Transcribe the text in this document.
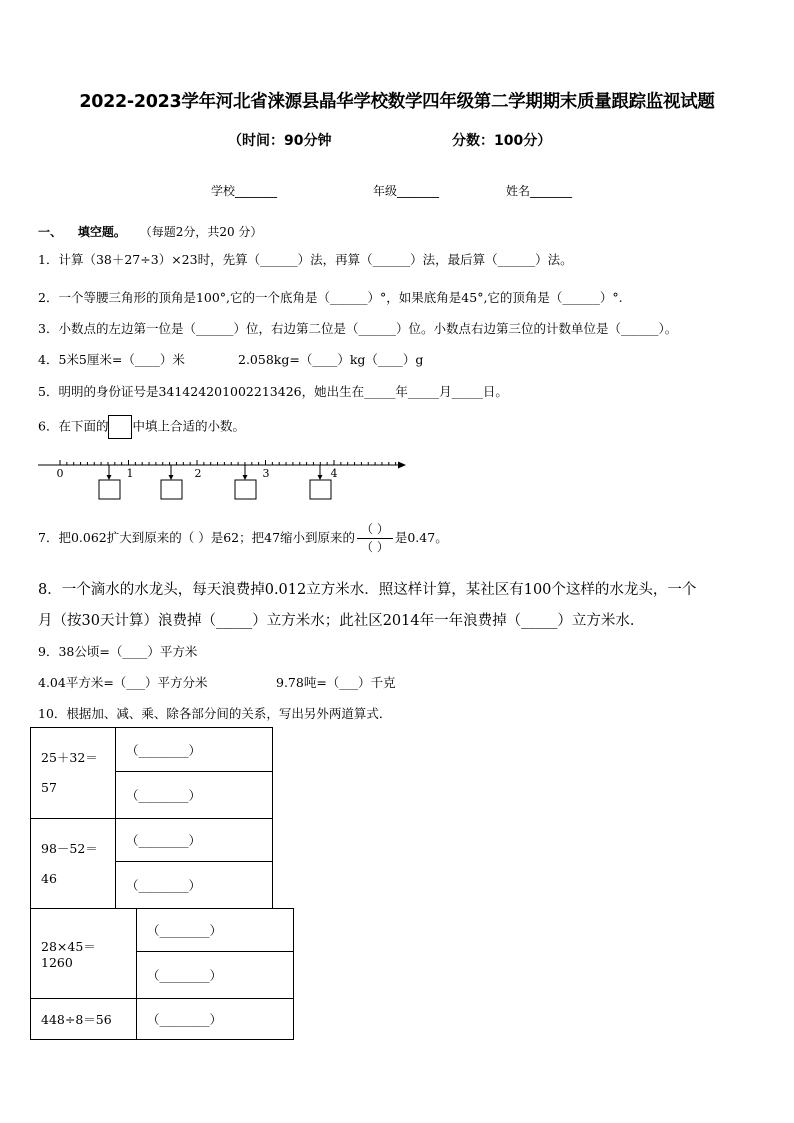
2022-2023学年河北省涞源县晶华学校数学四年级第二学期期末质量跟踪监视试题
（时间：90分钟	分数：100分）
学校_______	年级_______	姓名_______
一、 填空题。 （每题2分，共20 分）
1．计算（38＋27÷3）×23时，先算（______）法，再算（______）法，最后算（______）法。
2．一个等腰三角形的顶角是100°,它的一个底角是（______）°，如果底角是45°,它的顶角是（______）°.
3．小数点的左边第一位是（______）位，右边第二位是（______）位。小数点右边第三位的计数单位是（______）。
4．5米5厘米=（____）米	2.058kg=（____）kg（____）g
5．明明的身份证号是341424201002213426，她出生在_____年_____月_____日。
6．在下面的 中填上合适的小数。
0	1	2	3	4
7．把0.062扩大到原来的（ ）是62；把47缩小到原来的 $\frac{( )}{( )}$ 是0.47。
8．一个滴水的水龙头，每天浪费掉0.012立方米水．照这样计算，某社区有100个这样的水龙头，一个
月（按30天计算）浪费掉（_____）立方米水；此社区2014年一年浪费掉（_____）立方米水．
9．38公顷=（____）平方米
4.04平方米=（___）平方分米	9.78吨=（___）千克
10．根据加、减、乘、除各部分间的关系，写出另外两道算式．
25＋32＝
57	（________）
	（________）
98－52＝
46	（________）
	（________）
28×45＝1260	（________）
	（________）
448÷8＝56	（________）
